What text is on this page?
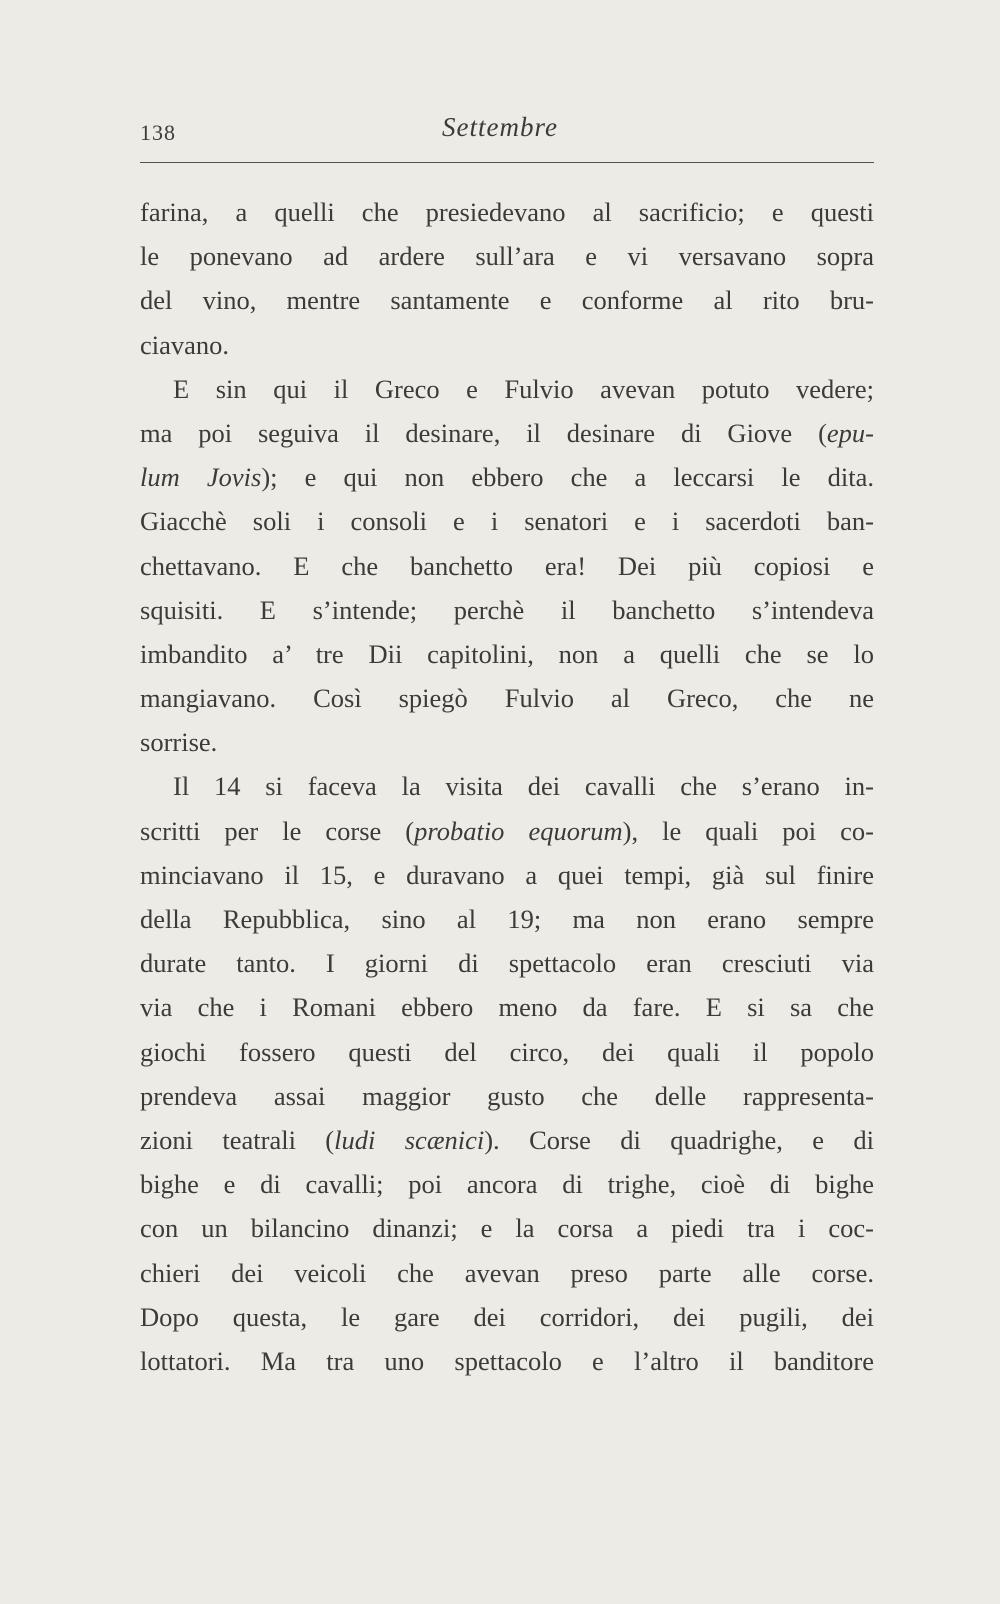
138	Settembre
farina, a quelli che presiedevano al sacrificio; e questi
le ponevano ad ardere sull’ara e vi versavano sopra
del vino, mentre santamente e conforme al rito bru-
ciavano.
E sin qui il Greco e Fulvio avevan potuto vedere;
ma poi seguiva il desinare, il desinare di Giove (epu-
lum Jovis); e qui non ebbero che a leccarsi le dita.
Giacchè soli i consoli e i senatori e i sacerdoti ban-
chettavano. E che banchetto era! Dei più copiosi e
squisiti. E s’intende; perchè il banchetto s’intendeva
imbandito a’ tre Dii capitolini, non a quelli che se lo
mangiavano. Così spiegò Fulvio al Greco, che ne
sorrise.
Il 14 si faceva la visita dei cavalli che s’erano in-
scritti per le corse (probatio equorum), le quali poi co-
minciavano il 15, e duravano a quei tempi, già sul finire
della Repubblica, sino al 19; ma non erano sempre
durate tanto. I giorni di spettacolo eran cresciuti via
via che i Romani ebbero meno da fare. E si sa che
giochi fossero questi del circo, dei quali il popolo
prendeva assai maggior gusto che delle rappresenta-
zioni teatrali (ludi scænici). Corse di quadrighe, e di
bighe e di cavalli; poi ancora di trighe, cioè di bighe
con un bilancino dinanzi; e la corsa a piedi tra i coc-
chieri dei veicoli che avevan preso parte alle corse.
Dopo questa, le gare dei corridori, dei pugili, dei
lottatori. Ma tra uno spettacolo e l’altro il banditore
